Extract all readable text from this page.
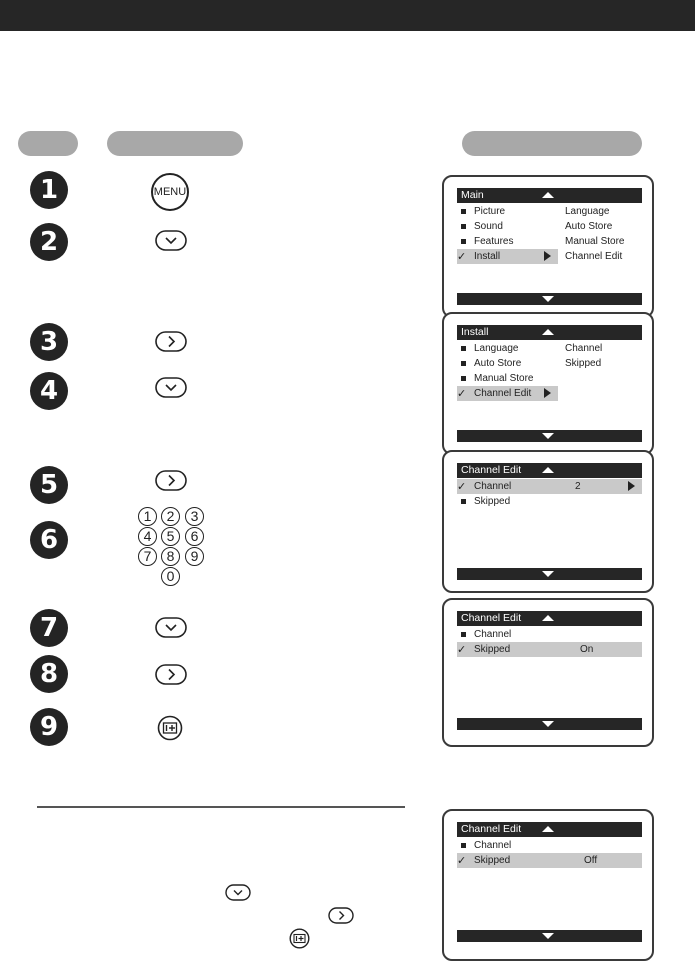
1
2
3
4
5
6
7
8
9
MENU
1	2	3
4	5	6
7	8	9
0
Main
Picture
Sound
Features
✓ Install
Language
Auto Store
Manual Store
Channel Edit
Install
Language
Auto Store
Manual Store
✓ Channel Edit
Channel
Skipped
Channel Edit
✓ Channel	2
Skipped
Channel Edit
Channel
✓ Skipped	On
Channel Edit
Channel
✓ Skipped	Off
